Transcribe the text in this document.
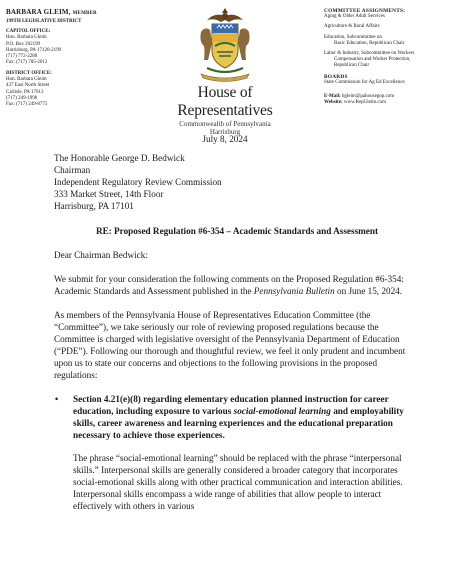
BARBARA GLEIM, MEMBER
199TH LEGISLATIVE DISTRICT
CAPITOL OFFICE:
Hon. Barbara Gleim
P.O. Box 202199
Harrisburg, PA 17120-2199
(717) 772-2280
Fax: (717) 705-2012
DISTRICT OFFICE:
Hon. Barbara Gleim
437 East North Street
Carlisle, PA 17013
(717) 249-1990
Fax: (717) 249-8775
House of Representatives
Commonwealth of Pennsylvania
Harrisburg
COMMITTEE ASSIGNMENTS:
Aging & Older Adult Services
Agriculture & Rural Affairs
Education, Subcommittee on
Basic Education, Republican Chair
Labor & Industry, Subcommittee on Workers
Compensation and Worker Protection,
Republican Chair
BOARDS
State Commission for Ag Ed Excellence
E-Mail: bgleim@pahousegop.com
Website: www.RepGleim.com
July 8, 2024
The Honorable George D. Bedwick
Chairman
Independent Regulatory Review Commission
333 Market Street, 14th Floor
Harrisburg, PA 17101
RE: Proposed Regulation #6-354 – Academic Standards and Assessment
Dear Chairman Bedwick:
We submit for your consideration the following comments on the Proposed Regulation #6-354: Academic Standards and Assessment published in the Pennsylvania Bulletin on June 15, 2024.
As members of the Pennsylvania House of Representatives Education Committee (the “Committee”), we take seriously our role of reviewing proposed regulations because the Committee is charged with legislative oversight of the Pennsylvania Department of Education (“PDE”). Following our thorough and thoughtful review, we feel it only prudent and incumbent upon us to state our concerns and objections to the following provisions in the proposed regulations:
• Section 4.21(e)(8) regarding elementary education planned instruction for career education, including exposure to various social-emotional learning and employability skills, career awareness and learning experiences and the educational preparation necessary to achieve those experiences.
The phrase “social-emotional learning” should be replaced with the phrase “interpersonal skills.” Interpersonal skills are generally considered a broader category that incorporates social-emotional skills along with other practical communication and interaction abilities. Interpersonal skills encompass a wide range of abilities that allow people to interact effectively with others in various
